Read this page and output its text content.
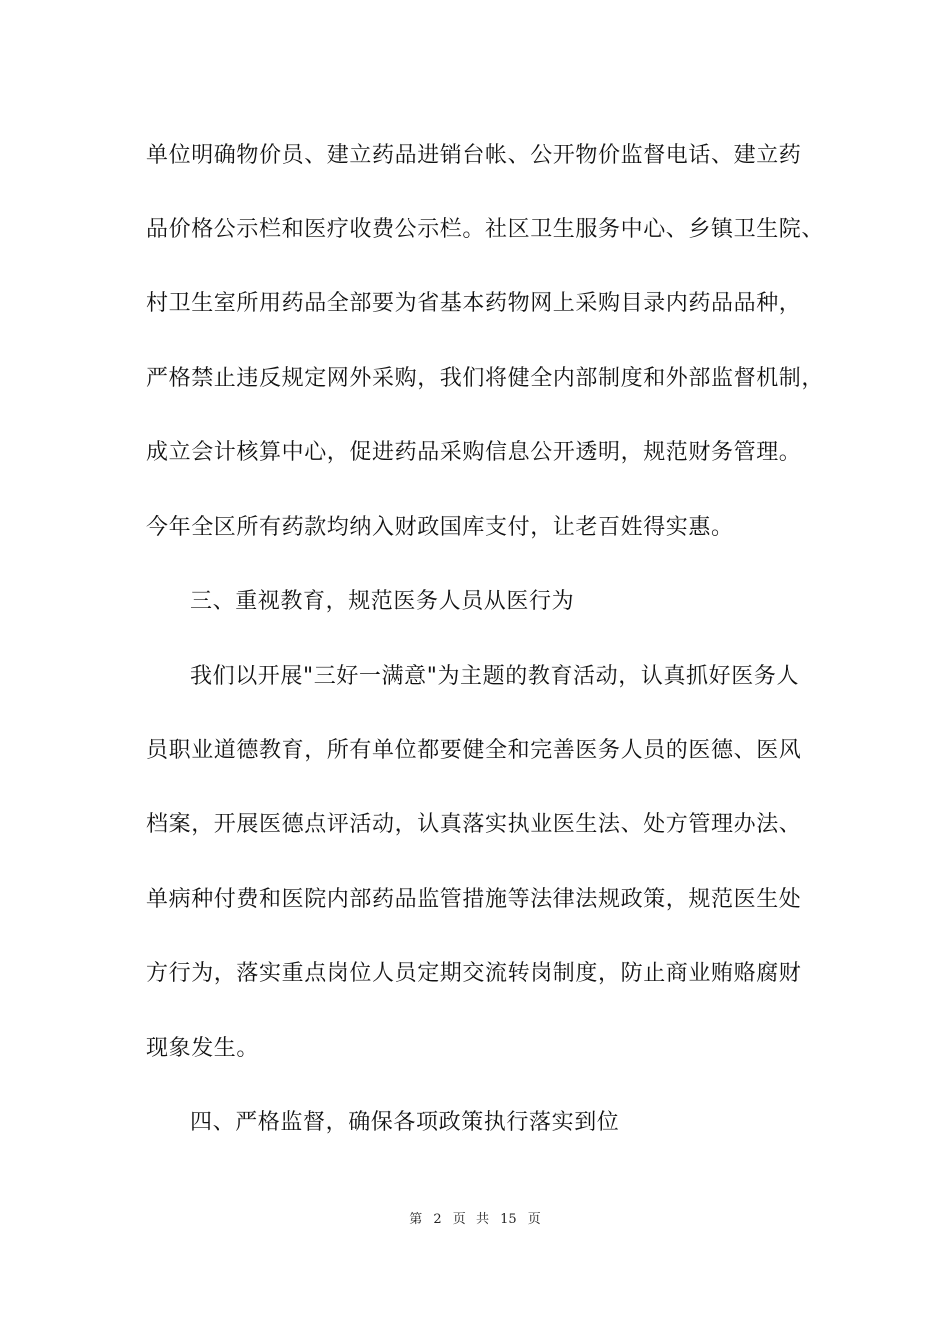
单位明确物价员、建立药品进销台帐、公开物价监督电话、建立药
品价格公示栏和医疗收费公示栏。社区卫生服务中心、乡镇卫生院、
村卫生室所用药品全部要为省基本药物网上采购目录内药品品种，
严格禁止违反规定网外采购，我们将健全内部制度和外部监督机制，
成立会计核算中心，促进药品采购信息公开透明，规范财务管理。
今年全区所有药款均纳入财政国库支付，让老百姓得实惠。
三、重视教育，规范医务人员从医行为
我们以开展"三好一满意"为主题的教育活动，认真抓好医务人
员职业道德教育，所有单位都要健全和完善医务人员的医德、医风
档案，开展医德点评活动，认真落实执业医生法、处方管理办法、
单病种付费和医院内部药品监管措施等法律法规政策，规范医生处
方行为，落实重点岗位人员定期交流转岗制度，防止商业贿赂腐财
现象发生。
四、严格监督，确保各项政策执行落实到位
第 2 页 共 15 页
